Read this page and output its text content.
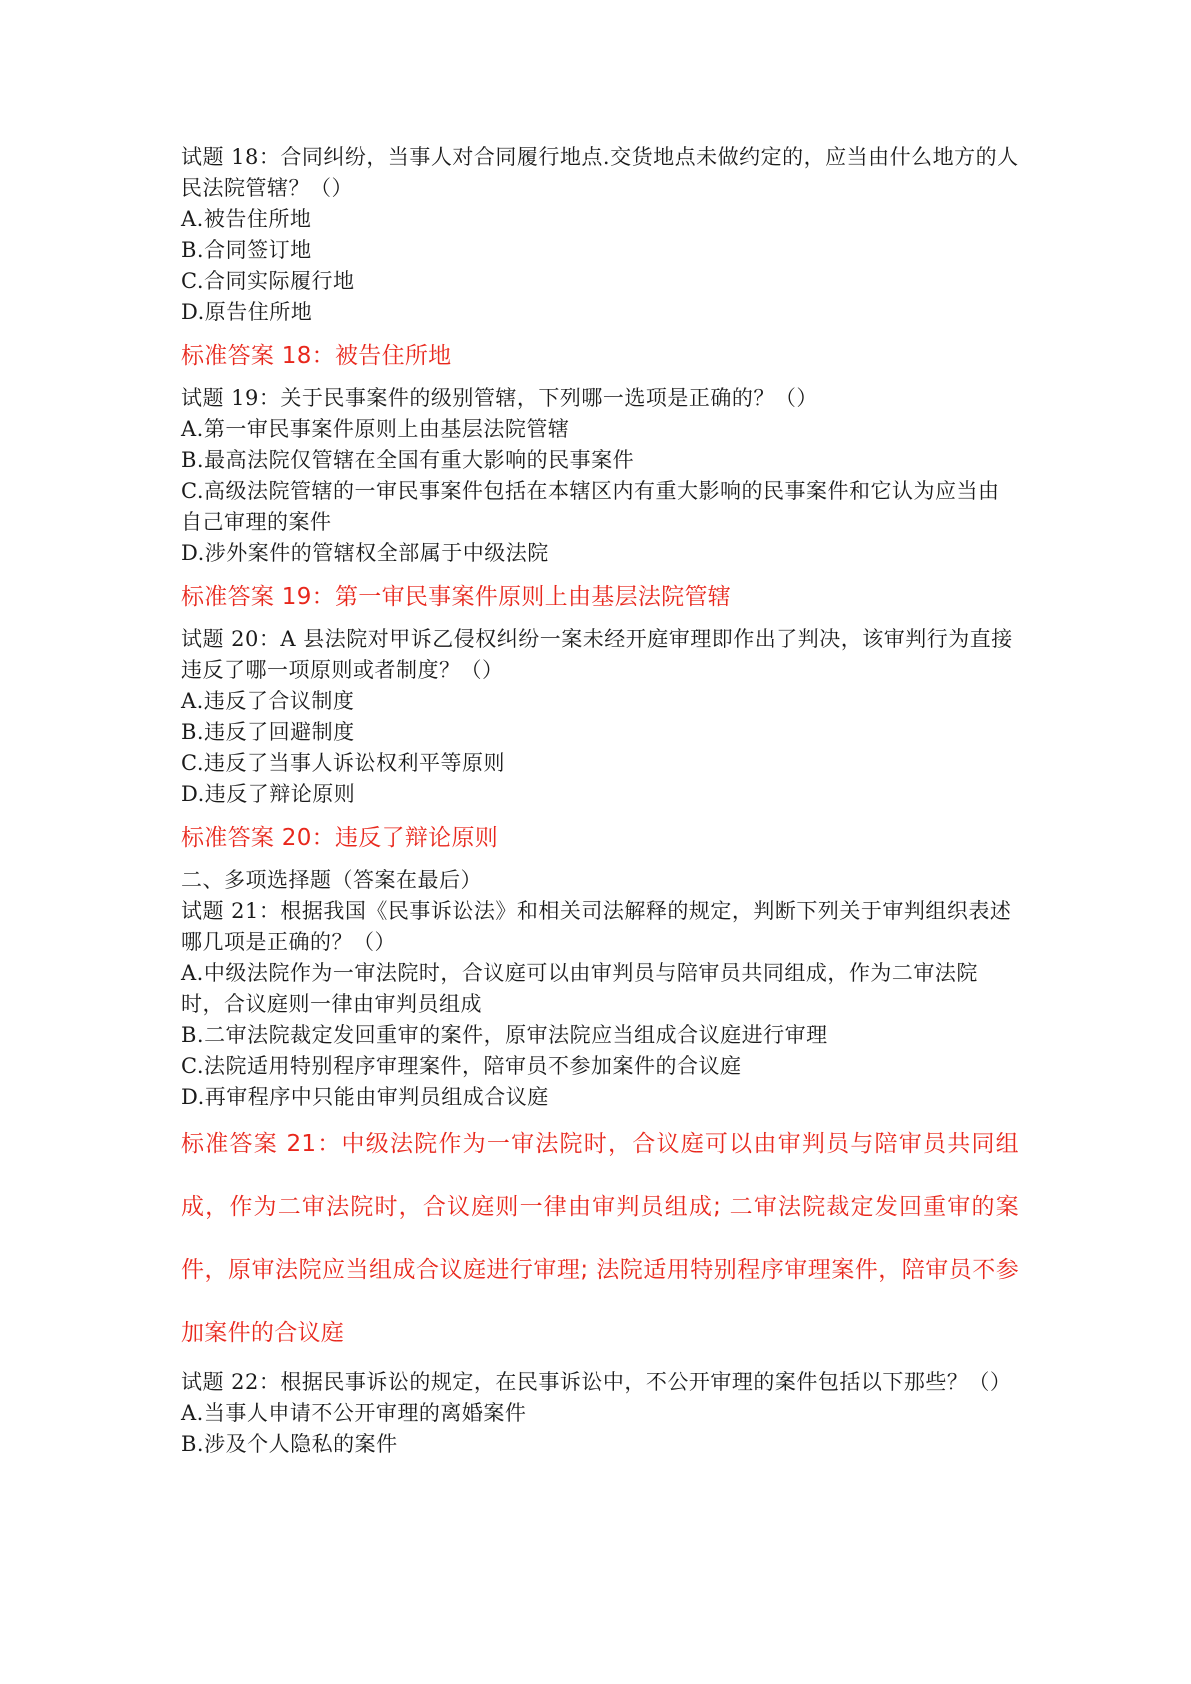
试题 18：合同纠纷，当事人对合同履行地点.交货地点未做约定的，应当由什么地方的人民法院管辖？（）

A.被告住所地

B.合同签订地

C.合同实际履行地

D.原告住所地

标准答案 18：被告住所地

试题 19：关于民事案件的级别管辖，下列哪一选项是正确的？（）

A.第一审民事案件原则上由基层法院管辖

B.最高法院仅管辖在全国有重大影响的民事案件

C.高级法院管辖的一审民事案件包括在本辖区内有重大影响的民事案件和它认为应当由自己审理的案件

D.涉外案件的管辖权全部属于中级法院

标准答案 19：第一审民事案件原则上由基层法院管辖

试题 20：A 县法院对甲诉乙侵权纠纷一案未经开庭审理即作出了判决，该审判行为直接违反了哪一项原则或者制度？（）

A.违反了合议制度

B.违反了回避制度

C.违反了当事人诉讼权利平等原则

D.违反了辩论原则

标准答案 20：违反了辩论原则

二、多项选择题（答案在最后）

试题 21：根据我国《民事诉讼法》和相关司法解释的规定，判断下列关于审判组织表述哪几项是正确的？（）

A.中级法院作为一审法院时，合议庭可以由审判员与陪审员共同组成，作为二审法院时，合议庭则一律由审判员组成

B.二审法院裁定发回重审的案件，原审法院应当组成合议庭进行审理

C.法院适用特别程序审理案件，陪审员不参加案件的合议庭

D.再审程序中只能由审判员组成合议庭

标准答案 21：中级法院作为一审法院时，合议庭可以由审判员与陪审员共同组成，作为二审法院时，合议庭则一律由审判员组成; 二审法院裁定发回重审的案件，原审法院应当组成合议庭进行审理; 法院适用特别程序审理案件，陪审员不参加案件的合议庭

试题 22：根据民事诉讼的规定，在民事诉讼中，不公开审理的案件包括以下那些？（）

A.当事人申请不公开审理的离婚案件

B.涉及个人隐私的案件
